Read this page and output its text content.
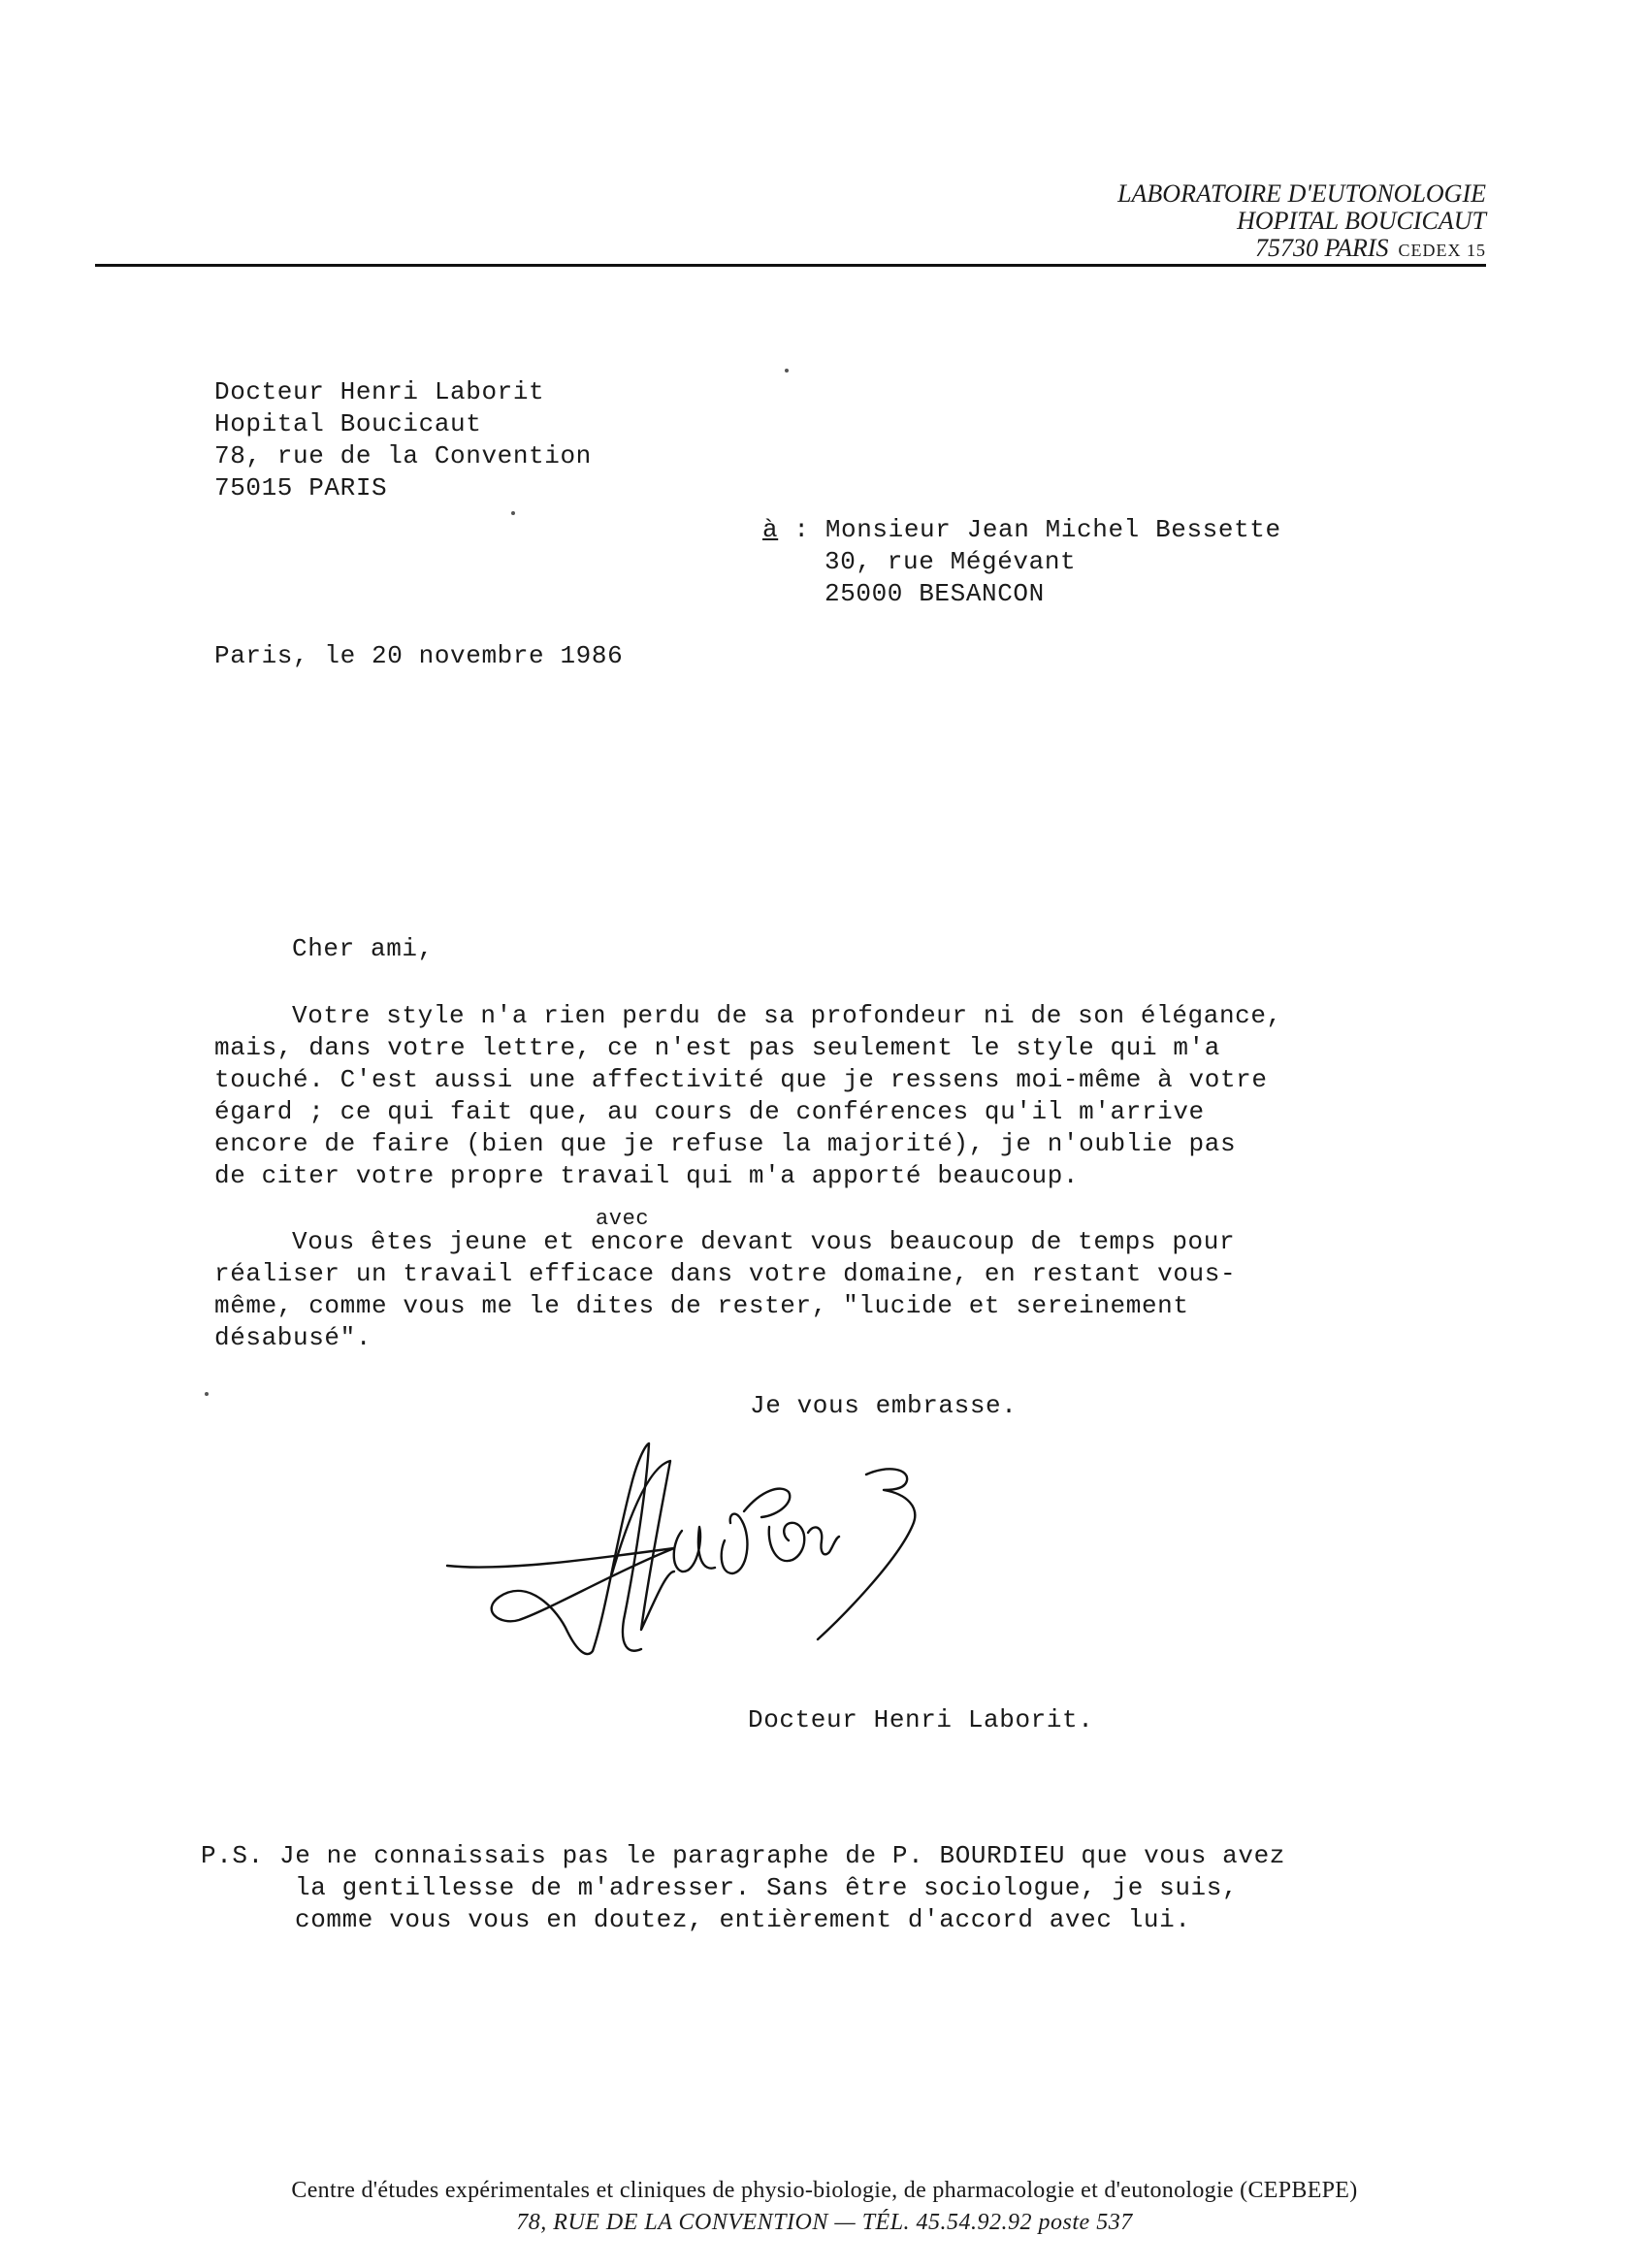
LABORATOIRE D'EUTONOLOGIE
HOPITAL BOUCICAUT
75730 PARIS CEDEX 15
Docteur Henri Laborit
Hopital Boucicaut
78, rue de la Convention
75015 PARIS
à : Monsieur Jean Michel Bessette
30, rue Mégévant
25000 BESANCON
Paris, le 20 novembre 1986
Cher ami,
Votre style n'a rien perdu de sa profondeur ni de son élégance,
mais, dans votre lettre, ce n'est pas seulement le style qui m'a
touché. C'est aussi une affectivité que je ressens moi-même à votre
égard ; ce qui fait que, au cours de conférences qu'il m'arrive
encore de faire (bien que je refuse la majorité), je n'oublie pas
de citer votre propre travail qui m'a apporté beaucoup.
avec
Vous êtes jeune et encore devant vous beaucoup de temps pour
réaliser un travail efficace dans votre domaine, en restant vous-
même, comme vous me le dites de rester, "lucide et sereinement
désabusé".
Je vous embrasse.
Docteur Henri Laborit.
P.S. Je ne connaissais pas le paragraphe de P. BOURDIEU que vous avez
la gentillesse de m'adresser. Sans être sociologue, je suis,
comme vous vous en doutez, entièrement d'accord avec lui.
Centre d'études expérimentales et cliniques de physio-biologie, de pharmacologie et d'eutonologie (CEPBEPE)
78, RUE DE LA CONVENTION — TÉL. 45.54.92.92 poste 537
